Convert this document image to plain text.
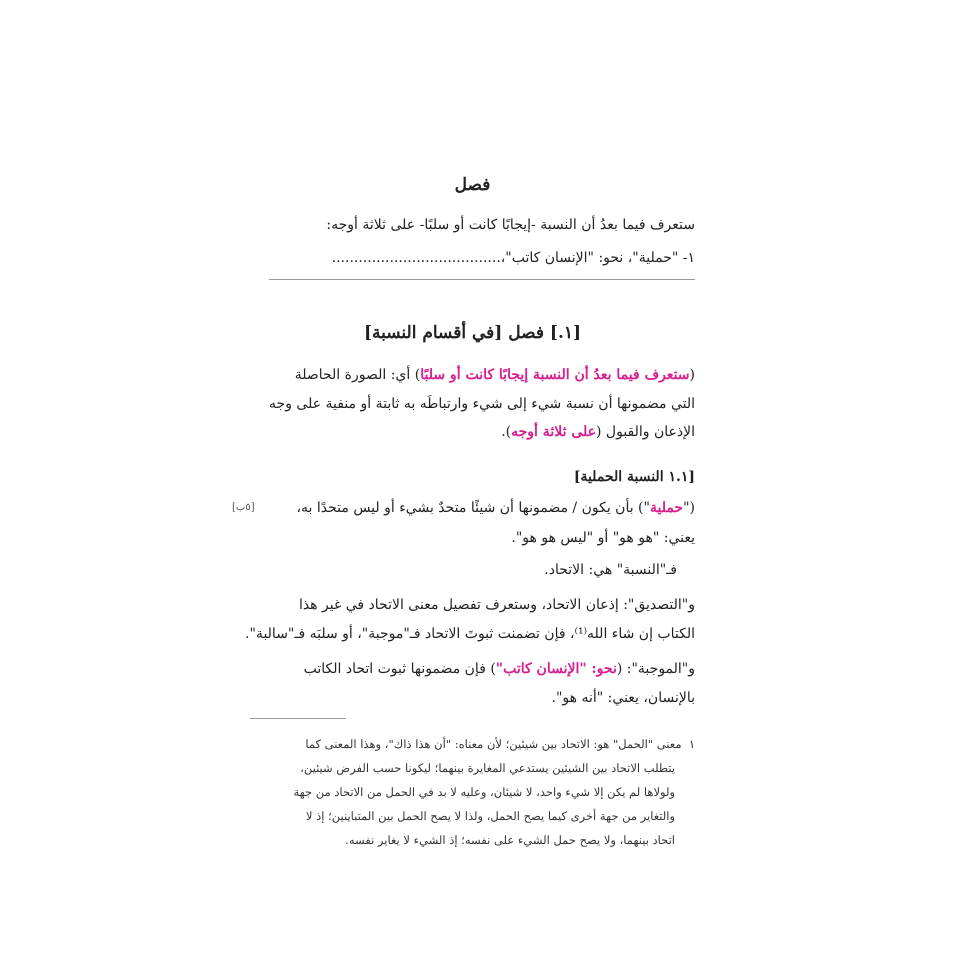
فصل
ستعرف فيما بعدُ أن النسبة -إيجابًا كانت أو سلبًا- على ثلاثة أوجه:
١- "حملية"، نحو: "الإنسان كاتب"،......................................
[١.] فصل [في أقسام النسبة]
(ستعرف فيما بعدُ أن النسبة إيجابًا كانت أو سلبًا) أي: الصورة الحاصلة
التي مضمونها أن نسبة شيء إلى شيء وارتباطَه به ثابتة أو منفية على وجه
الإذعان والقبول (على ثلاثة أوجه).
[١.١ النسبة الحملية]
("حملية") بأن يكون / مضمونها أن شيئًا متحدٌ بشيء أو ليس متحدًا به،
يعني: "هو هو" أو "ليس هو هو".
فـ"النسبة" هي: الاتحاد.
و"التصديق": إذعان الاتحاد، وستعرف تفصيل معنى الاتحاد في غير هذا
الكتاب إن شاء الله⁽¹⁾، فإن تضمنت ثبوتَ الاتحاد فـ"موجبة"، أو سلبَه فـ"سالبة".
و"الموجبة": (نحو: "الإنسان كاتب") فإن مضمونها ثبوت اتحاد الكاتب
بالإنسان، يعني: "أنه هو".
١  معنى "الحمل" هو: الاتحاد بين شيئين؛ لأن معناه: "أن هذا ذاك"، وهذا المعنى كما
يتطلب الاتحاد بين الشيئين يستدعي المغايرة بينهما؛ ليكونا حسب الفرض شيئين،
ولولاها لم يكن إلا شيء واحد، لا شيئان، وعليه لا بد في الحمل من الاتحاد من جهة
والتغاير من جهة أخرى كيما يصح الحمل، ولذا لا يصح الحمل بين المتباينين؛ إذ لا
اتحاد بينهما، ولا يصح حمل الشيء على نفسه؛ إذ الشيء لا يغاير نفسه.
[٥ب]
